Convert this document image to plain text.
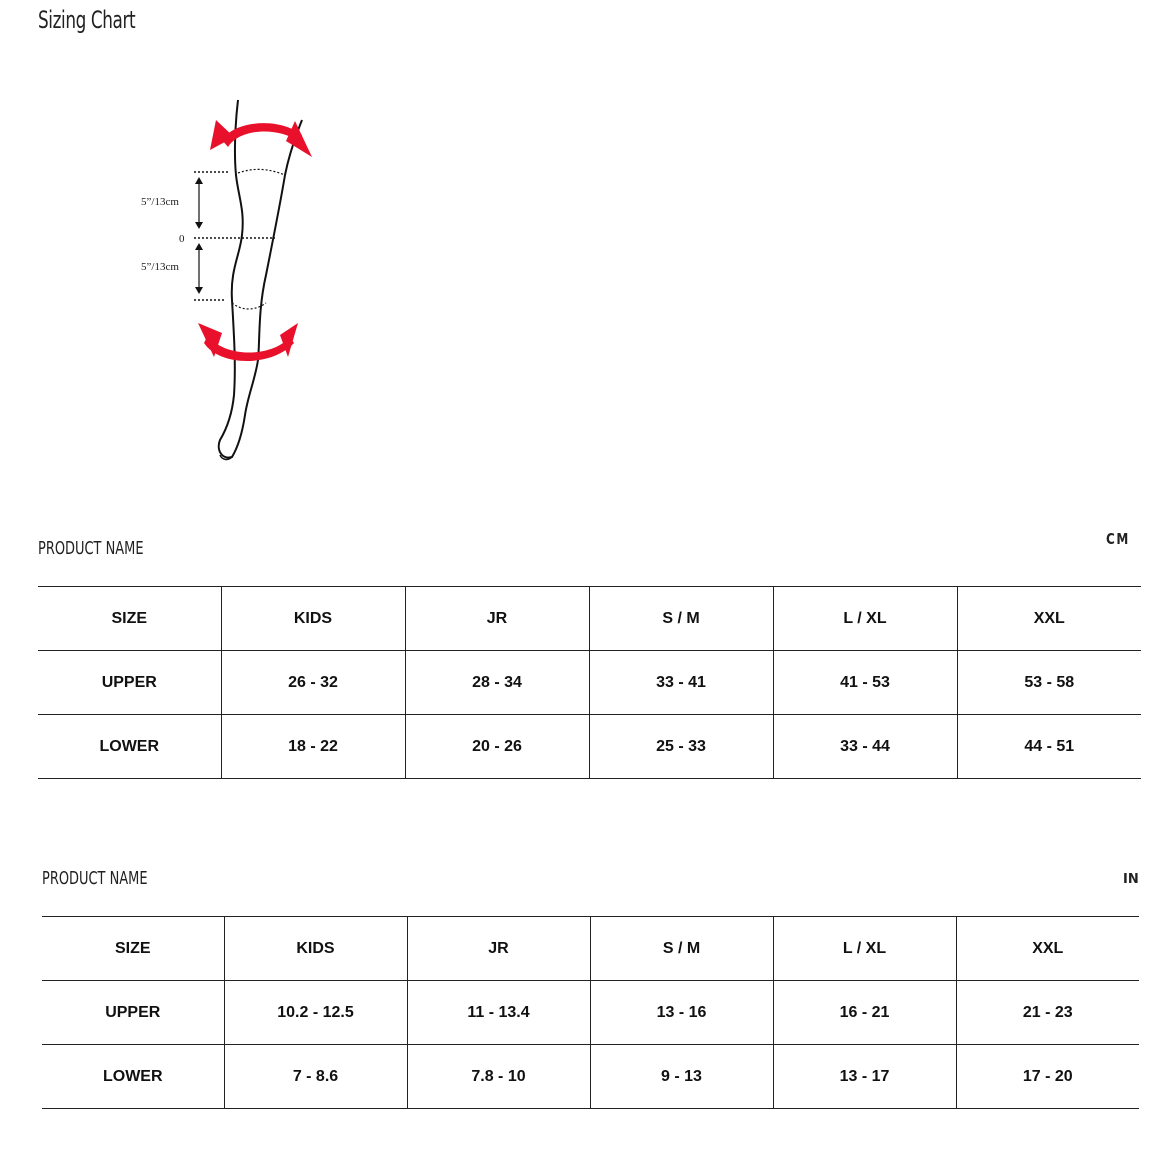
Sizing Chart
5”/13cm
0
5”/13cm
PRODUCT NAME	CM
SIZE	KIDS	JR	S / M	L / XL	XXL
UPPER	26 - 32	28 - 34	33 - 41	41 - 53	53 - 58
LOWER	18 - 22	20 - 26	25 - 33	33 - 44	44 - 51
PRODUCT NAME	IN
SIZE	KIDS	JR	S / M	L / XL	XXL
UPPER	10.2 - 12.5	11 - 13.4	13 - 16	16 - 21	21 - 23
LOWER	7 - 8.6	7.8 - 10	9 - 13	13 - 17	17 - 20
